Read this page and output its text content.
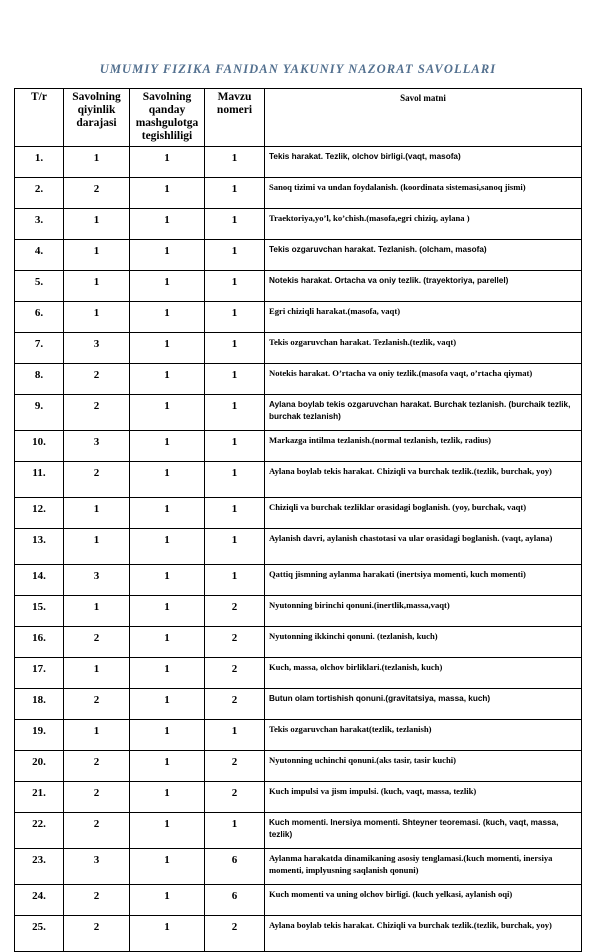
UMUMIY FIZIKA FANIDAN YAKUNIY NAZORAT SAVOLLARI
T/r	Savolning qiyinlik darajasi	Savolning qanday mashgulotga tegishliligi	Mavzu nomeri	Savol matni
1.	1	1	1	Tekis harakat. Tezlik, olchov birligi.(vaqt, masofa)
2.	2	1	1	Sanoq tizimi va undan foydalanish. (koordinata sistemasi,sanoq jismi)
3.	1	1	1	Traektoriya,yo’l, ko’chish.(masofa,egri chiziq, aylana )
4.	1	1	1	Tekis ozgaruvchan harakat. Tezlanish. (olcham, masofa)
5.	1	1	1	Notekis harakat. Ortacha va oniy tezlik. (trayektoriya, parellel)
6.	1	1	1	Egri chiziqli harakat.(masofa, vaqt)
7.	3	1	1	Tekis ozgaruvchan harakat. Tezlanish.(tezlik, vaqt)
8.	2	1	1	Notekis harakat. O’rtacha va oniy tezlik.(masofa vaqt, o’rtacha qiymat)
9.	2	1	1	Aylana boylab tekis ozgaruvchan harakat. Burchak tezlanish. (burchaik tezlik, burchak tezlanish)
10.	3	1	1	Markazga intilma tezlanish.(normal tezlanish, tezlik, radius)
11.	2	1	1	Aylana boylab tekis harakat. Chiziqli va burchak tezlik.(tezlik, burchak, yoy)
12.	1	1	1	Chiziqli va burchak tezliklar orasidagi boglanish. (yoy, burchak, vaqt)
13.	1	1	1	Aylanish davri, aylanish chastotasi va ular orasidagi boglanish. (vaqt, aylana)
14.	3	1	1	Qattiq jismning aylanma harakati (inertsiya momenti, kuch momenti)
15.	1	1	2	Nyutonning birinchi qonuni.(inertlik,massa,vaqt)
16.	2	1	2	Nyutonning ikkinchi qonuni. (tezlanish, kuch)
17.	1	1	2	Kuch, massa, olchov birliklari.(tezlanish, kuch)
18.	2	1	2	Butun olam tortishish qonuni.(gravitatsiya, massa, kuch)
19.	1	1	1	Tekis ozgaruvchan harakat(tezlik, tezlanish)
20.	2	1	2	Nyutonning uchinchi qonuni.(aks tasir, tasir kuchi)
21.	2	1	2	Kuch impulsi va jism impulsi. (kuch, vaqt, massa, tezlik)
22.	2	1	1	Kuch momenti. Inersiya momenti. Shteyner teoremasi. (kuch, vaqt, massa, tezlik)
23.	3	1	6	Aylanma harakatda dinamikaning asosiy tenglamasi.(kuch momenti, inersiya momenti, implyusning saqlanish qonuni)
24.	2	1	6	Kuch momenti va uning olchov birligi. (kuch yelkasi, aylanish oqi)
25.	2	1	2	Aylana boylab tekis harakat. Chiziqli va burchak tezlik.(tezlik, burchak, yoy)
